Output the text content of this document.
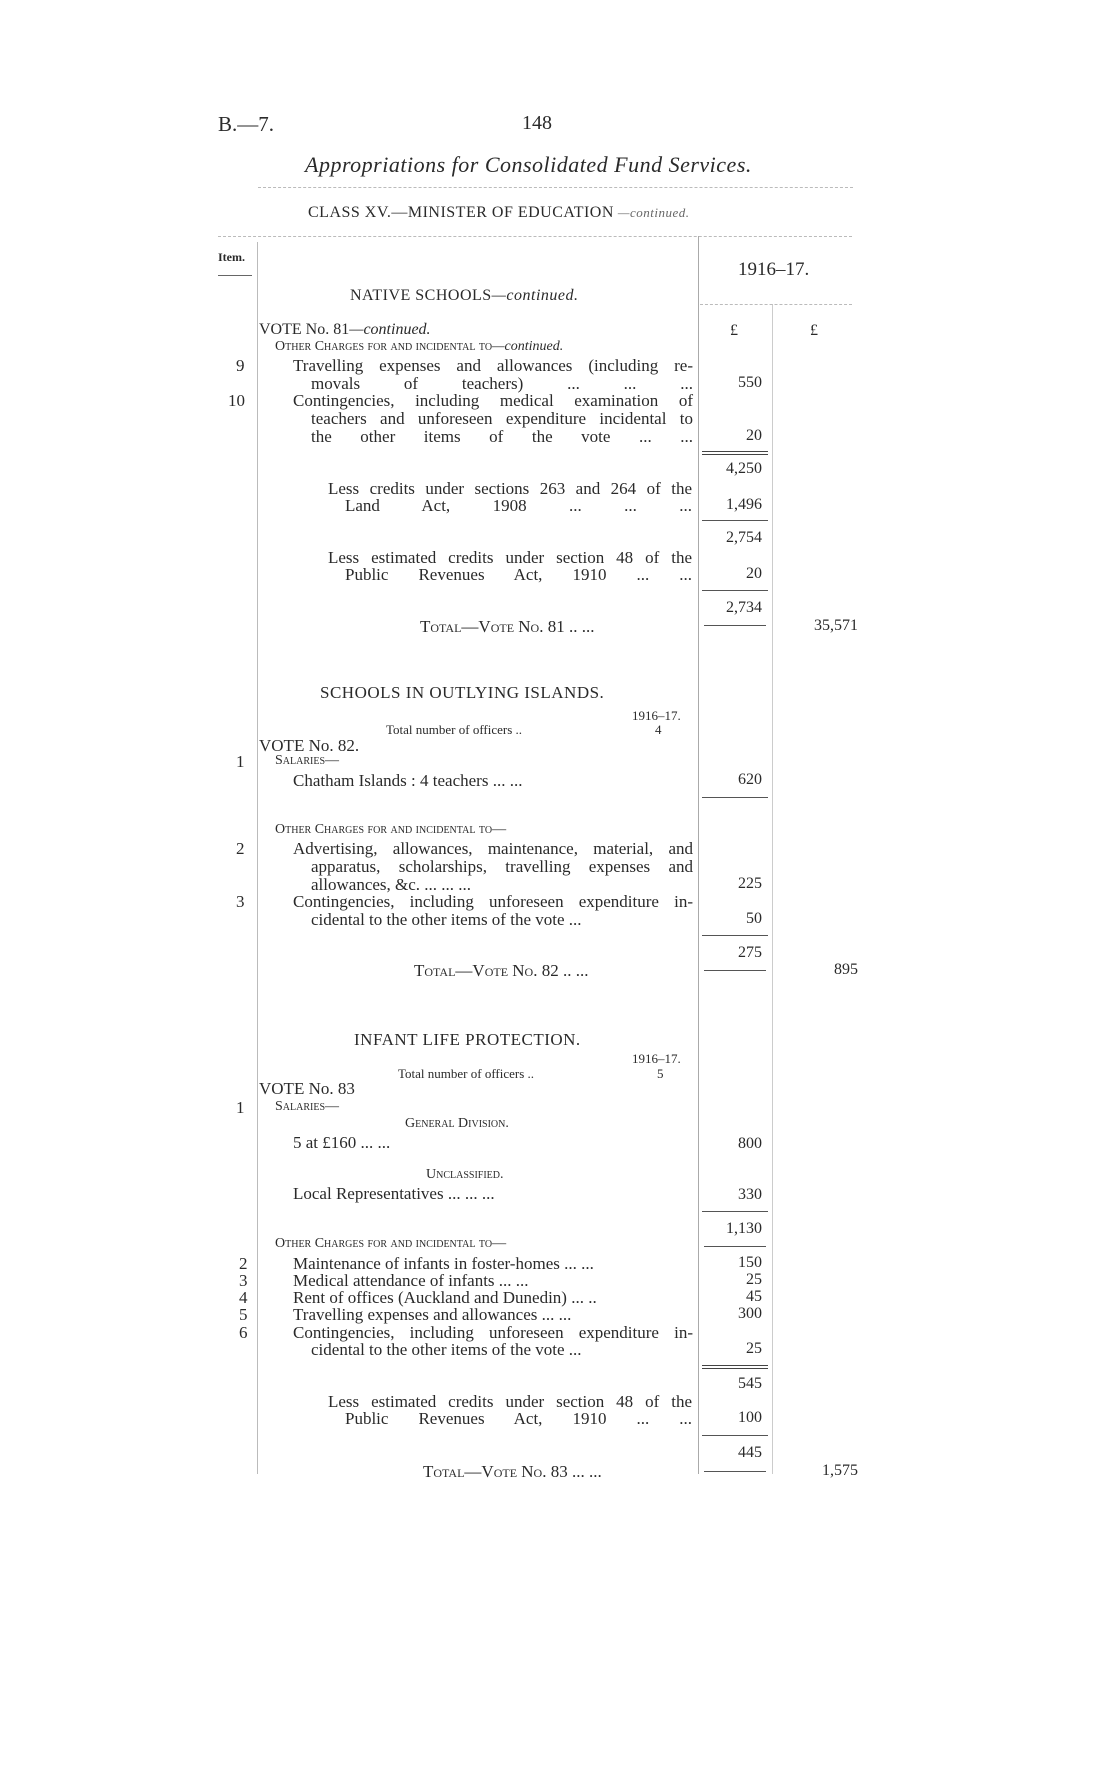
B.—7.	148
Appropriations for Consolidated Fund Services.
CLASS XV.—MINISTER OF EDUCATION —continued.
Item.
1916–17.
£	£
NATIVE SCHOOLS—continued.
VOTE No. 81—continued.
Other Charges for and incidental to—continued.
9	Travelling expenses and allowances (including re-
movals of teachers) ... ... ...	550
10	Contingencies, including medical examination of
teachers and unforeseen expenditure incidental to
the other items of the vote ... ...	20
4,250
Less credits under sections 263 and 264 of the
Land Act, 1908 ... ... ...	1,496
2,754
Less estimated credits under section 48 of the
Public Revenues Act, 1910 ... ...	20
2,734
Total—Vote No. 81 .. ...	35,571
SCHOOLS IN OUTLYING ISLANDS.
1916–17.
Total number of officers ..	4
VOTE No. 82.
1 Salaries—
Chatham Islands : 4 teachers ... ...	620
Other Charges for and incidental to—
2	Advertising, allowances, maintenance, material, and
apparatus, scholarships, travelling expenses and
allowances, &c. ... ... ...	225
3	Contingencies, including unforeseen expenditure in-
cidental to the other items of the vote ...	50
275
Total—Vote No. 82 .. ...	895
INFANT LIFE PROTECTION.
1916–17.
Total number of officers ..	5
VOTE No. 83
1 Salaries—
General Division.
5 at £160 ... ...	800
Unclassified.
Local Representatives ... ... ...	330
1,130
Other Charges for and incidental to—
2	Maintenance of infants in foster-homes ... ...	150
3	Medical attendance of infants ... ...	25
4	Rent of offices (Auckland and Dunedin) ... ..	45
5	Travelling expenses and allowances ... ...	300
6	Contingencies, including unforeseen expenditure in-
cidental to the other items of the vote ...	25
545
Less estimated credits under section 48 of the
Public Revenues Act, 1910 ... ...	100
445
Total—Vote No. 83 ... ...	1,575
